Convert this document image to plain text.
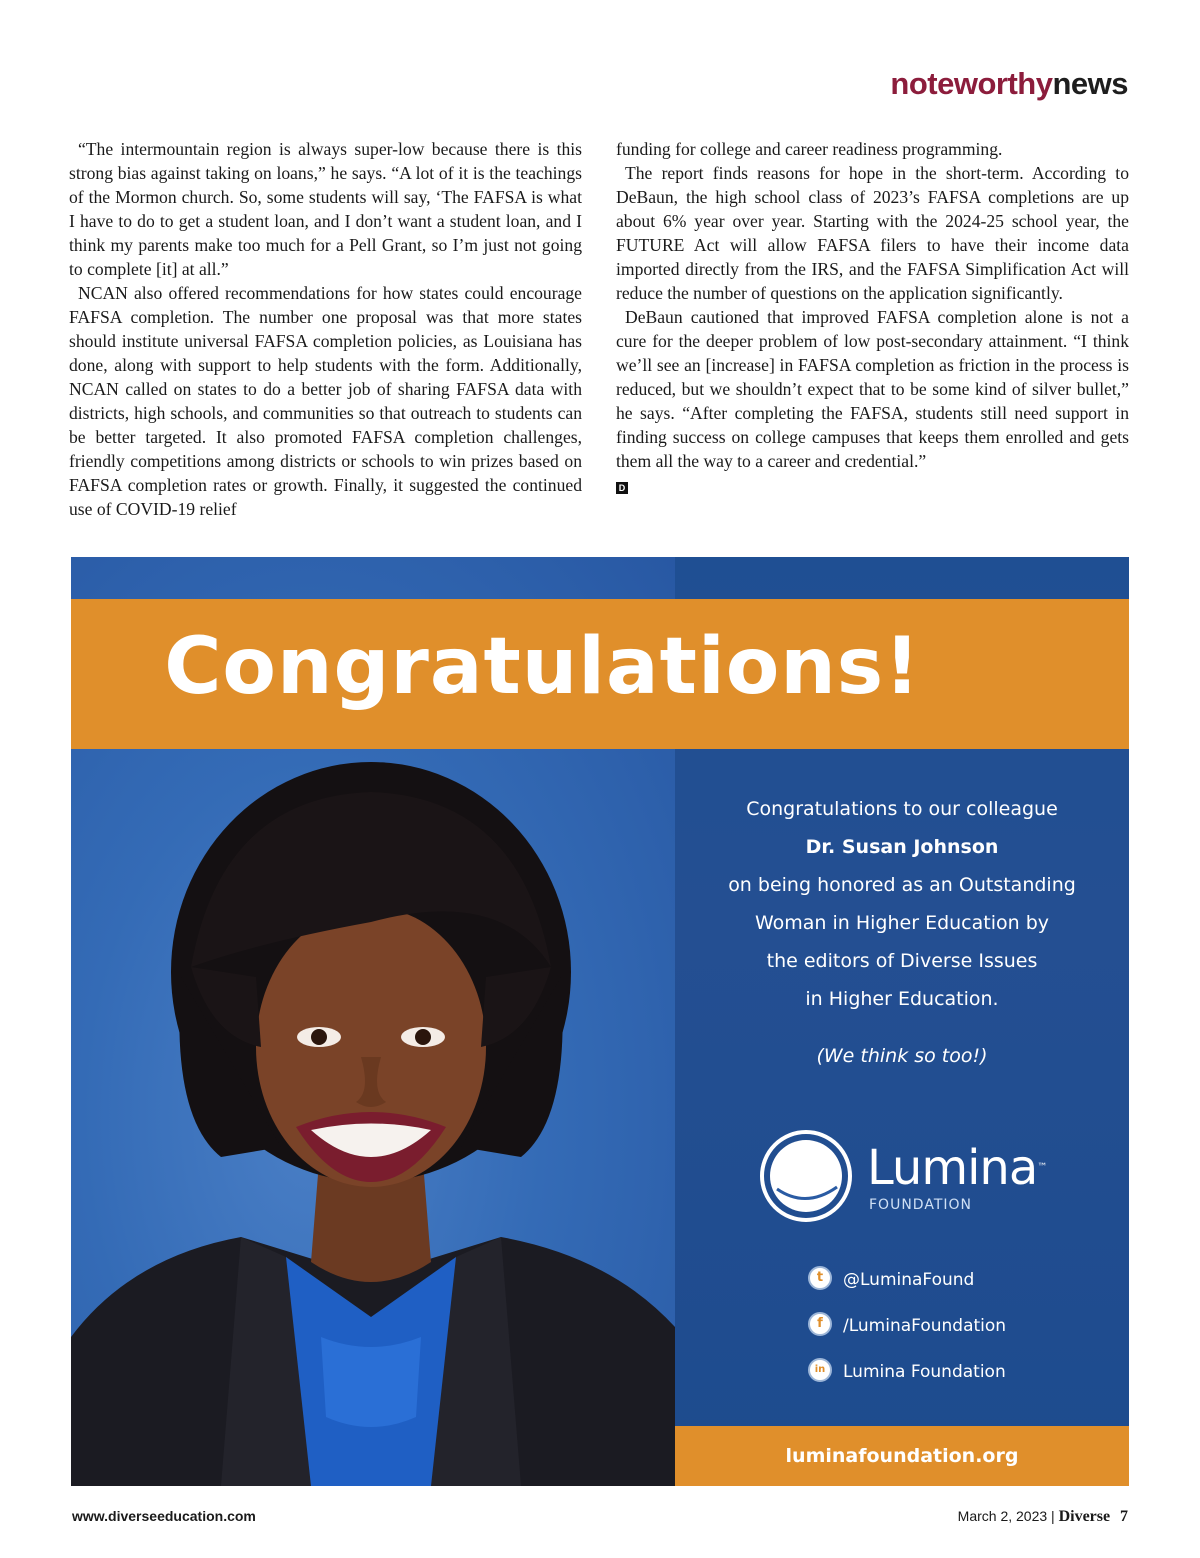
noteworthynews

“The intermountain region is always super-low because there is this strong bias against taking on loans,” he says. “A lot of it is the teachings of the Mormon church. So, some students will say, ‘The FAFSA is what I have to do to get a student loan, and I don’t want a student loan, and I think my parents make too much for a Pell Grant, so I’m just not going to complete [it] at all.”

NCAN also offered recommendations for how states could encourage FAFSA completion. The number one proposal was that more states should institute universal FAFSA completion policies, as Louisiana has done, along with support to help students with the form. Additionally, NCAN called on states to do a better job of sharing FAFSA data with districts, high schools, and communities so that outreach to students can be better targeted. It also promoted FAFSA completion challenges, friendly competitions among districts or schools to win prizes based on FAFSA completion rates or growth. Finally, it suggested the continued use of COVID-19 relief

funding for college and career readiness programming.

The report finds reasons for hope in the short-term. According to DeBaun, the high school class of 2023’s FAFSA completions are up about 6% year over year. Starting with the 2024-25 school year, the FUTURE Act will allow FAFSA filers to have their income data imported directly from the IRS, and the FAFSA Simplification Act will reduce the number of questions on the application significantly.

DeBaun cautioned that improved FAFSA completion alone is not a cure for the deeper problem of low post-secondary attainment. “I think we’ll see an [increase] in FAFSA completion as friction in the process is reduced, but we shouldn’t expect that to be some kind of silver bullet,” he says. “After completing the FAFSA, students still need support in finding success on college campuses that keeps them enrolled and gets them all the way to a career and credential.”

D
Congratulations!
Congratulations to our colleague
Dr. Susan Johnson
on being honored as an Outstanding
Woman in Higher Education by
the editors of Diverse Issues
in Higher Education.
(We think so too!)
Lumina™
FOUNDATION
t	@LuminaFound
f	/LuminaFoundation
in	Lumina Foundation
luminafoundation.org
www.diverseeducation.com	March 2, 2023 | Diverse 7
